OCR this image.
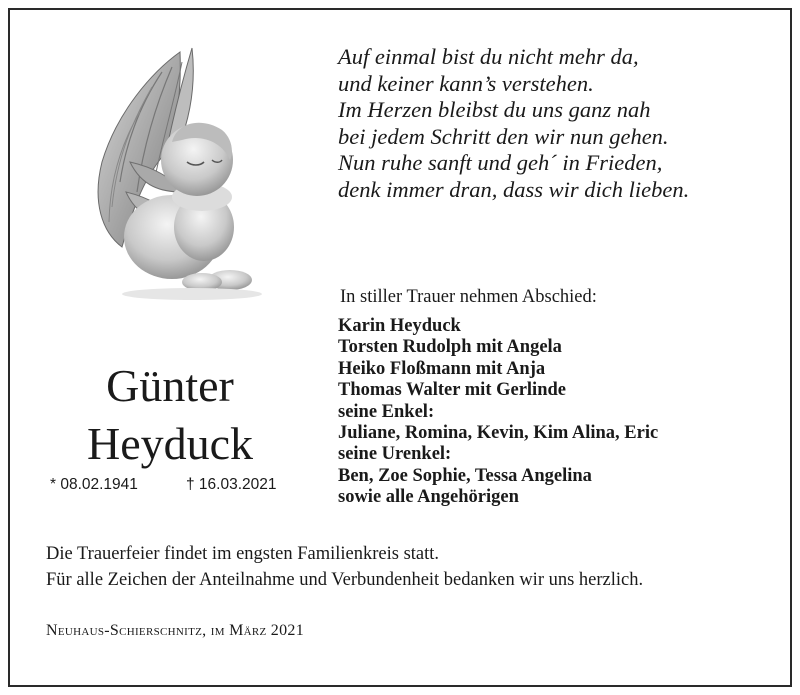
Auf einmal bist du nicht mehr da,
und keiner kann’s verstehen.
Im Herzen bleibst du uns ganz nah
bei jedem Schritt den wir nun gehen.
Nun ruhe sanft und geh´ in Frieden,
denk immer dran, dass wir dich lieben.
In stiller Trauer nehmen Abschied:
Karin Heyduck
Torsten Rudolph mit Angela
Heiko Floßmann mit Anja
Thomas Walter mit Gerlinde
seine Enkel:
Juliane, Romina, Kevin, Kim Alina, Eric
seine Urenkel:
Ben, Zoe Sophie, Tessa Angelina
sowie alle Angehörigen
Günter
Heyduck
* 08.02.1941	† 16.03.2021
Die Trauerfeier findet im engsten Familienkreis statt.
Für alle Zeichen der Anteilnahme und Verbundenheit bedanken wir uns herzlich.
Neuhaus-Schierschnitz, im März 2021
